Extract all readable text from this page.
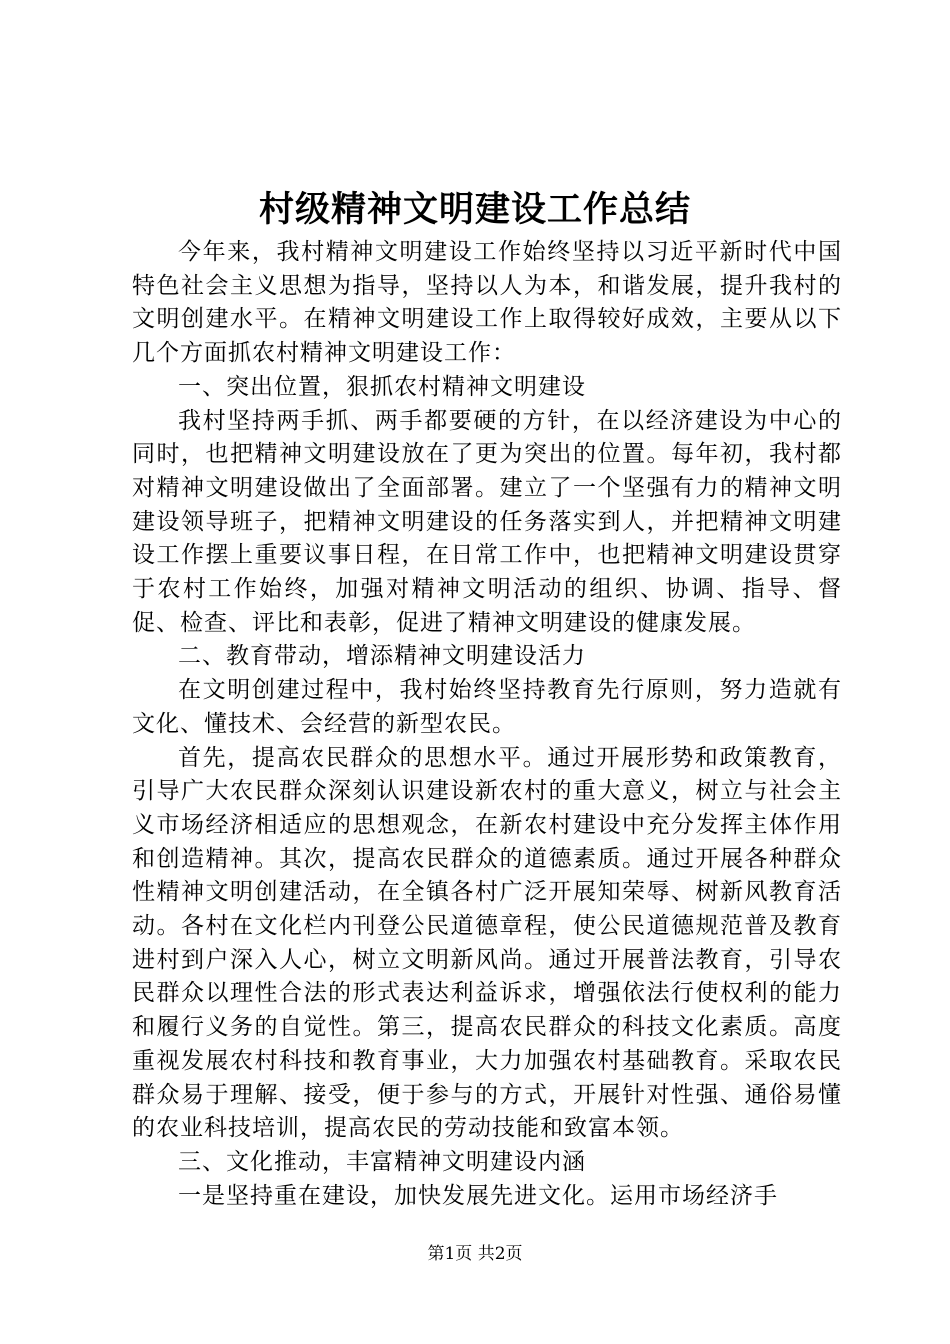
村级精神文明建设工作总结

今年来，我村精神文明建设工作始终坚持以习近平新时代中国特色社会主义思想为指导，坚持以人为本，和谐发展，提升我村的文明创建水平。在精神文明建设工作上取得较好成效，主要从以下几个方面抓农村精神文明建设工作：

一、突出位置，狠抓农村精神文明建设

我村坚持两手抓、两手都要硬的方针，在以经济建设为中心的同时，也把精神文明建设放在了更为突出的位置。每年初，我村都对精神文明建设做出了全面部署。建立了一个坚强有力的精神文明建设领导班子，把精神文明建设的任务落实到人，并把精神文明建设工作摆上重要议事日程，在日常工作中，也把精神文明建设贯穿于农村工作始终，加强对精神文明活动的组织、协调、指导、督促、检查、评比和表彰，促进了精神文明建设的健康发展。

二、教育带动，增添精神文明建设活力

在文明创建过程中，我村始终坚持教育先行原则，努力造就有文化、懂技术、会经营的新型农民。

首先，提高农民群众的思想水平。通过开展形势和政策教育，引导广大农民群众深刻认识建设新农村的重大意义，树立与社会主义市场经济相适应的思想观念，在新农村建设中充分发挥主体作用和创造精神。其次，提高农民群众的道德素质。通过开展各种群众性精神文明创建活动，在全镇各村广泛开展知荣辱、树新风教育活动。各村在文化栏内刊登公民道德章程，使公民道德规范普及教育进村到户深入人心，树立文明新风尚。通过开展普法教育，引导农民群众以理性合法的形式表达利益诉求，增强依法行使权利的能力和履行义务的自觉性。第三，提高农民群众的科技文化素质。高度重视发展农村科技和教育事业，大力加强农村基础教育。采取农民群众易于理解、接受，便于参与的方式，开展针对性强、通俗易懂的农业科技培训，提高农民的劳动技能和致富本领。

三、文化推动，丰富精神文明建设内涵

一是坚持重在建设，加快发展先进文化。运用市场经济手

第1页 共2页
